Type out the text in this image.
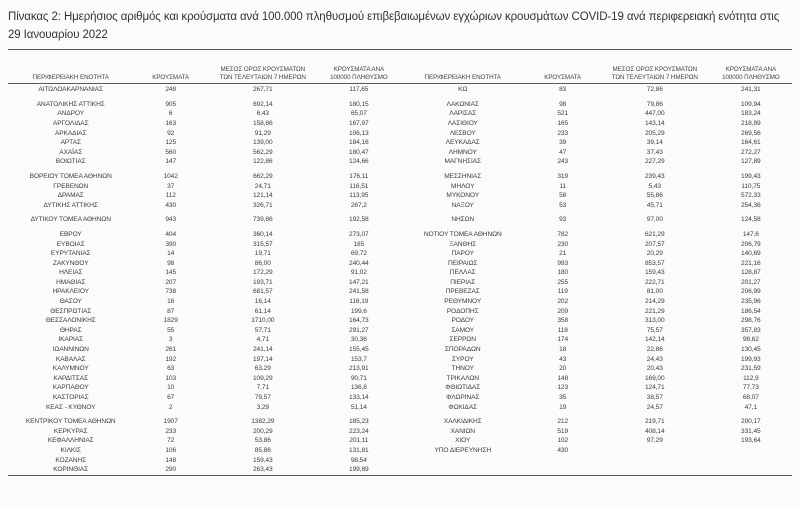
Πίνακας 2: Ημερήσιος αριθμός και κρούσματα ανά 100.000 πληθυσμού επιβεβαιωμένων εγχώριων κρουσμάτων COVID-19 ανά περιφερειακή ενότητα στις 29 Ιανουαρίου 2022
ΠΕΡΙΦΕΡΕΙΑΚΗ ΕΝΟΤΗΤΑ	ΚΡΟΥΣΜΑΤΑ	ΜΕΣΟΣ ΟΡΟΣ ΚΡΟΥΣΜΑΤΩΝ ΤΩΝ ΤΕΛΕΥΤΑΙΩΝ 7 ΗΜΕΡΩΝ	ΚΡΟΥΣΜΑΤΑ ΑΝΑ 100000 ΠΛΗΘΥΣΜΟ
ΑΙΤΩΛΟΑΚΑΡΝΑΝΙΑΣ	248	267,71	117,65

ΑΝΑΤΟΛΙΚΗΣ ΑΤΤΙΚΗΣ	905	692,14	180,15
ΑΝΔΡΟΥ	6	6,43	65,07
ΑΡΓΟΛΙΔΑΣ	163	158,86	167,97
ΑΡΚΑΔΙΑΣ	92	91,29	106,13
ΑΡΤΑΣ	125	139,00	184,16
ΑΧΑΪΑΣ	560	562,29	180,47
ΒΟΙΩΤΙΑΣ	147	122,86	124,66

ΒΟΡΕΙΟΥ ΤΟΜΕΑ ΑΘΗΝΩΝ	1042	662,29	176,11
ΓΡΕΒΕΝΩΝ	37	24,71	116,51
ΔΡΑΜΑΣ	112	121,14	113,95
ΔΥΤΙΚΗΣ ΑΤΤΙΚΗΣ	430	326,71	267,2

ΔΥΤΙΚΟΥ ΤΟΜΕΑ ΑΘΗΝΩΝ	943	739,86	192,58

ΕΒΡΟΥ	404	360,14	273,07
ΕΥΒΟΙΑΣ	390	315,57	185
ΕΥΡΥΤΑΝΙΑΣ	14	19,71	69,72
ΖΑΚΥΝΘΟΥ	98	86,00	240,44
ΗΛΕΙΑΣ	145	172,29	91,02
ΗΜΑΘΙΑΣ	207	193,71	147,21
ΗΡΑΚΛΕΙΟΥ	738	681,57	241,58
ΘΑΣΟΥ	16	16,14	116,19
ΘΕΣΠΡΩΤΙΑΣ	87	61,14	199,6
ΘΕΣΣΑΛΟΝΙΚΗΣ	1829	1710,00	164,73
ΘΗΡΑΣ	55	57,71	291,27
ΙΚΑΡΙΑΣ	3	4,71	30,36
ΙΩΑΝΝΙΝΩΝ	261	241,14	155,45
ΚΑΒΑΛΑΣ	192	197,14	153,7
ΚΑΛΥΜΝΟΥ	63	63,29	213,91
ΚΑΡΔΙΤΣΑΣ	103	109,29	90,71
ΚΑΡΠΑΘΟΥ	10	7,71	136,8
ΚΑΣΤΟΡΙΑΣ	67	79,57	133,14
ΚΕΑΣ - ΚΥΘΝΟΥ	2	3,29	51,14

ΚΕΝΤΡΙΚΟΥ ΤΟΜΕΑ ΑΘΗΝΩΝ	1907	1382,29	185,23
ΚΕΡΚΥΡΑΣ	233	200,29	223,24
ΚΕΦΑΛΛΗΝΙΑΣ	72	53,86	201,11
ΚΙΛΚΙΣ	106	85,86	131,81
ΚΟΖΑΝΗΣ	148	159,43	98,54
ΚΟΡΙΝΘΙΑΣ	290	263,43	199,89
ΠΕΡΙΦΕΡΕΙΑΚΗ ΕΝΟΤΗΤΑ	ΚΡΟΥΣΜΑΤΑ	ΜΕΣΟΣ ΟΡΟΣ ΚΡΟΥΣΜΑΤΩΝ ΤΩΝ ΤΕΛΕΥΤΑΙΩΝ 7 ΗΜΕΡΩΝ	ΚΡΟΥΣΜΑΤΑ ΑΝΑ 100000 ΠΛΗΘΥΣΜΟ
ΚΩ	83	72,86	241,31

ΛΑΚΩΝΙΑΣ	98	79,86	109,94
ΛΑΡΙΣΑΣ	521	447,00	183,24
ΛΑΣΙΘΙΟΥ	165	143,14	218,89
ΛΕΣΒΟΥ	233	205,29	269,56
ΛΕΥΚΑΔΑΣ	39	39,14	164,61
ΛΗΜΝΟΥ	47	37,43	272,27
ΜΑΓΝΗΣΙΑΣ	243	227,29	127,89

ΜΕΣΣΗΝΙΑΣ	319	239,43	199,43
ΜΗΛΟΥ	11	5,43	110,75
ΜΥΚΟΝΟΥ	58	55,86	572,33
ΝΑΞΟΥ	53	45,71	254,36

ΝΗΣΩΝ	93	97,00	124,58

ΝΟΤΙΟΥ ΤΟΜΕΑ ΑΘΗΝΩΝ	782	621,29	147,6
ΞΑΝΘΗΣ	230	207,57	206,79
ΠΑΡΟΥ	21	20,29	140,69
ΠΕΙΡΑΙΩΣ	993	853,57	221,16
ΠΕΛΛΑΣ	180	159,43	128,87
ΠΙΕΡΙΑΣ	255	222,71	201,27
ΠΡΕΒΕΖΑΣ	119	81,00	206,99
ΡΕΘΥΜΝΟΥ	202	214,29	235,96
ΡΟΔΟΠΗΣ	209	221,29	186,54
ΡΟΔΟΥ	358	313,00	298,76
ΣΑΜΟΥ	118	75,57	357,83
ΣΕΡΡΩΝ	174	142,14	98,62
ΣΠΟΡΑΔΩΝ	18	22,86	130,45
ΣΥΡΟΥ	43	24,43	199,93
ΤΗΝΟΥ	20	20,43	231,59
ΤΡΙΚΑΛΩΝ	148	169,00	112,9
ΦΘΙΩΤΙΔΑΣ	123	124,71	77,73
ΦΛΩΡΙΝΑΣ	35	38,57	68,07
ΦΩΚΙΔΑΣ	19	24,57	47,1

ΧΑΛΚΙΔΙΚΗΣ	212	219,71	200,17
ΧΑΝΙΩΝ	519	408,14	331,45
ΧΙΟΥ	102	97,29	193,64
ΥΠΟ ΔΙΕΡΕΥΝΗΣΗ	430		
